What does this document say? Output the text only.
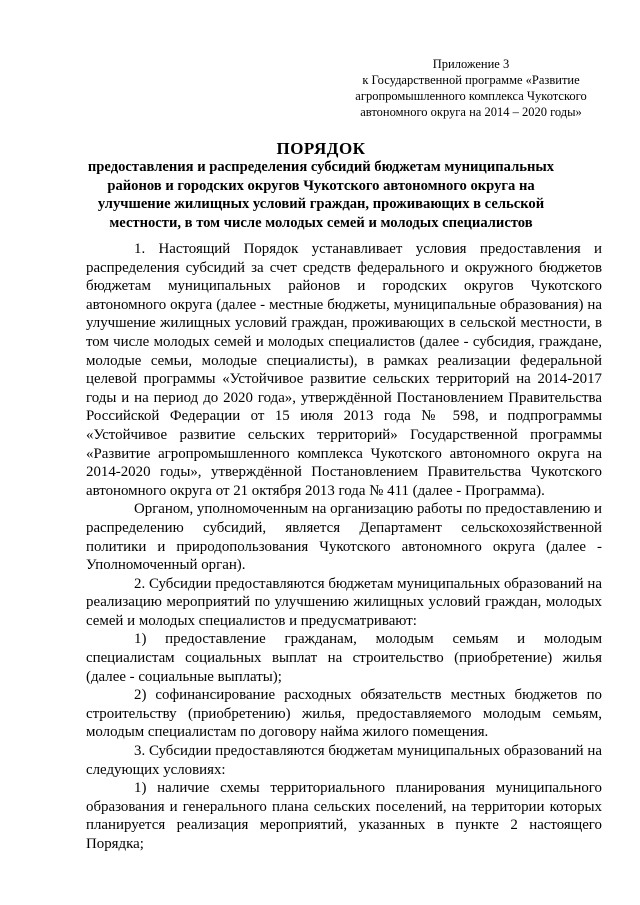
Приложение 3
к Государственной программе «Развитие
агропромышленного комплекса Чукотского
автономного округа на 2014 – 2020 годы»
ПОРЯДОК
предоставления и распределения субсидий бюджетам муниципальных
районов и городских округов Чукотского автономного округа на
улучшение жилищных условий граждан, проживающих в сельской
местности, в том числе молодых семей и молодых специалистов

1. Настоящий Порядок устанавливает условия предоставления и распределения субсидий за счет средств федерального и окружного бюджетов бюджетам муниципальных районов и городских округов Чукотского автономного округа (далее - местные бюджеты, муниципальные образования) на улучшение жилищных условий граждан, проживающих в сельской местности, в том числе молодых семей и молодых специалистов (далее - субсидия, граждане, молодые семьи, молодые специалисты), в рамках реализации федеральной целевой программы «Устойчивое развитие сельских территорий на 2014-2017 годы и на период до 2020 года», утверждённой Постановлением Правительства Российской Федерации от 15 июля 2013 года № 598, и подпрограммы «Устойчивое развитие сельских территорий» Государственной программы «Развитие агропромышленного комплекса Чукотского автономного округа на 2014-2020 годы», утверждённой Постановлением Правительства Чукотского автономного округа от 21 октября 2013 года № 411 (далее - Программа).

Органом, уполномоченным на организацию работы по предоставлению и распределению субсидий, является Департамент сельскохозяйственной политики и природопользования Чукотского автономного округа (далее - Уполномоченный орган).

2. Субсидии предоставляются бюджетам муниципальных образований на реализацию мероприятий по улучшению жилищных условий граждан, молодых семей и молодых специалистов и предусматривают:

1) предоставление гражданам, молодым семьям и молодым специалистам социальных выплат на строительство (приобретение) жилья (далее - социальные выплаты);

2) софинансирование расходных обязательств местных бюджетов по строительству (приобретению) жилья, предоставляемого молодым семьям, молодым специалистам по договору найма жилого помещения.

3. Субсидии предоставляются бюджетам муниципальных образований на следующих условиях:

1) наличие схемы территориального планирования муниципального образования и генерального плана сельских поселений, на территории которых планируется реализация мероприятий, указанных в пункте 2 настоящего Порядка;
